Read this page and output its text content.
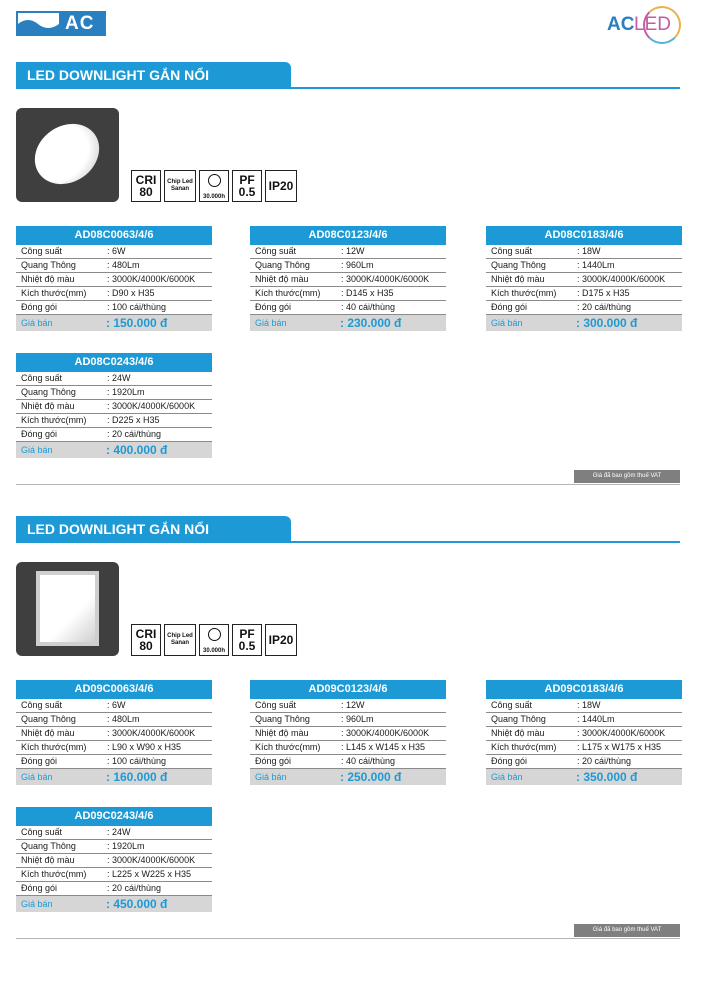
AC	AC LED
LED DOWNLIGHT GẮN NỔI
CRI
80
Chip Led
Sanan
30.000h
PF
0.5 IP20
AD08C0063/4/6
Công suất	: 6W
Quang Thông	: 480Lm
Nhiệt độ màu	: 3000K/4000K/6000K
Kích thước(mm)	: D90 x H35
Đóng gói	: 100 cái/thùng
Giá bán	: 150.000 đ
AD08C0123/4/6
Công suất	: 12W
Quang Thông	: 960Lm
Nhiệt độ màu	: 3000K/4000K/6000K
Kích thước(mm)	: D145 x H35
Đóng gói	: 40 cái/thùng
Giá bán	: 230.000 đ
AD08C0183/4/6
Công suất	: 18W
Quang Thông	: 1440Lm
Nhiệt độ màu	: 3000K/4000K/6000K
Kích thước(mm)	: D175 x H35
Đóng gói	: 20 cái/thùng
Giá bán	: 300.000 đ
AD08C0243/4/6
Công suất	: 24W
Quang Thông	: 1920Lm
Nhiệt độ màu	: 3000K/4000K/6000K
Kích thước(mm)	: D225 x H35
Đóng gói	: 20 cái/thùng
Giá bán	: 400.000 đ
Giá đã bao gồm thuế VAT
LED DOWNLIGHT GẮN NỔI
CRI
80
Chip Led
Sanan
30.000h
PF
0.5 IP20
AD09C0063/4/6
Công suất	: 6W
Quang Thông	: 480Lm
Nhiệt độ màu	: 3000K/4000K/6000K
Kích thước(mm)	: L90 x W90 x H35
Đóng gói	: 100 cái/thùng
Giá bán	: 160.000 đ
AD09C0123/4/6
Công suất	: 12W
Quang Thông	: 960Lm
Nhiệt độ màu	: 3000K/4000K/6000K
Kích thước(mm)	: L145 x W145 x H35
Đóng gói	: 40 cái/thùng
Giá bán	: 250.000 đ
AD09C0183/4/6
Công suất	: 18W
Quang Thông	: 1440Lm
Nhiệt độ màu	: 3000K/4000K/6000K
Kích thước(mm)	: L175 x W175 x H35
Đóng gói	: 20 cái/thùng
Giá bán	: 350.000 đ
AD09C0243/4/6
Công suất	: 24W
Quang Thông	: 1920Lm
Nhiệt độ màu	: 3000K/4000K/6000K
Kích thước(mm)	: L225 x W225 x H35
Đóng gói	: 20 cái/thùng
Giá bán	: 450.000 đ
Giá đã bao gồm thuế VAT
